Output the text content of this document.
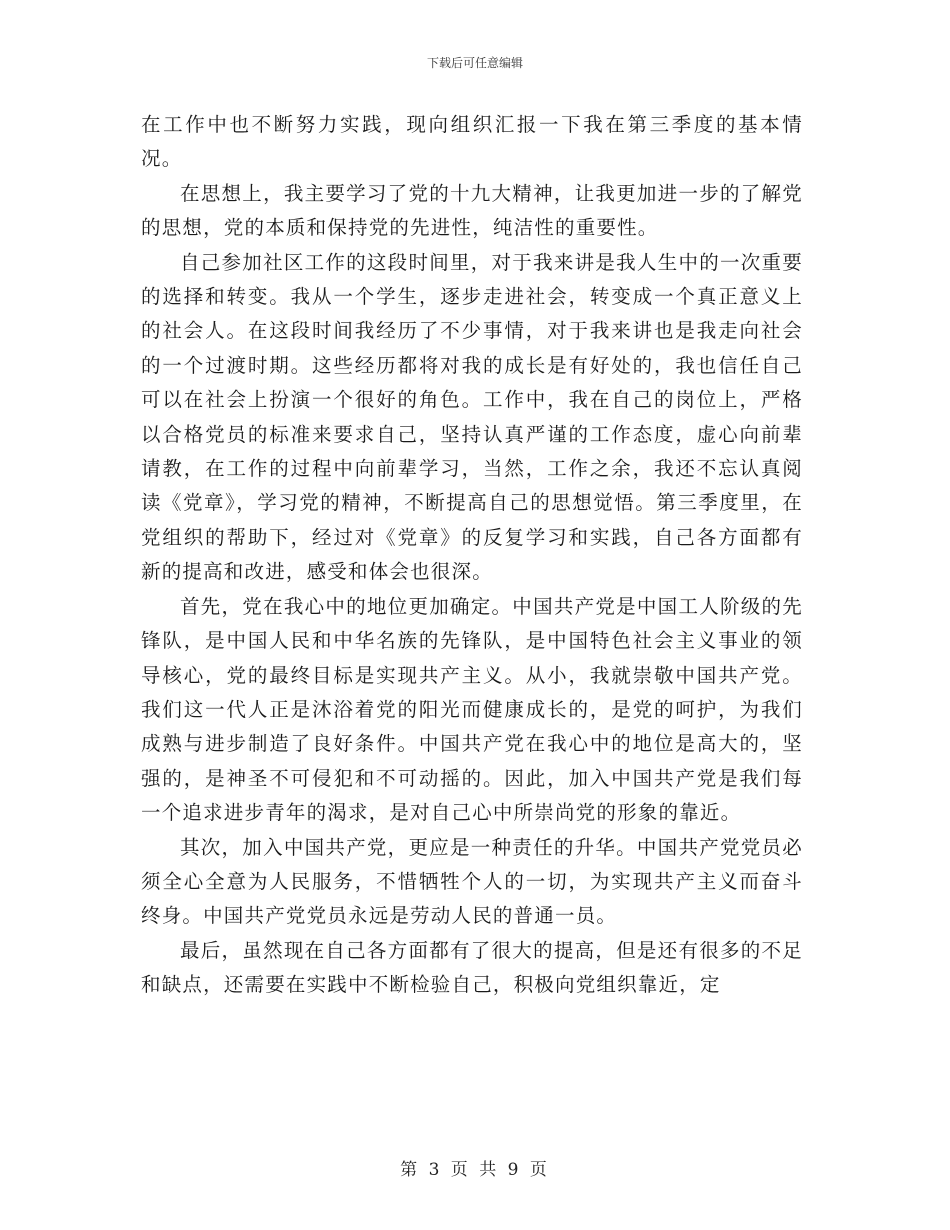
下载后可任意编辑

在工作中也不断努力实践，现向组织汇报一下我在第三季度的基本情况。

在思想上，我主要学习了党的十九大精神，让我更加进一步的了解党的思想，党的本质和保持党的先进性，纯洁性的重要性。

自己参加社区工作的这段时间里，对于我来讲是我人生中的一次重要的选择和转变。我从一个学生，逐步走进社会，转变成一个真正意义上的社会人。在这段时间我经历了不少事情，对于我来讲也是我走向社会的一个过渡时期。这些经历都将对我的成长是有好处的，我也信任自己可以在社会上扮演一个很好的角色。工作中，我在自己的岗位上，严格以合格党员的标准来要求自己，坚持认真严谨的工作态度，虚心向前辈请教，在工作的过程中向前辈学习，当然，工作之余，我还不忘认真阅读《党章》，学习党的精神，不断提高自己的思想觉悟。第三季度里，在党组织的帮助下，经过对《党章》的反复学习和实践，自己各方面都有新的提高和改进，感受和体会也很深。

首先，党在我心中的地位更加确定。中国共产党是中国工人阶级的先锋队，是中国人民和中华名族的先锋队，是中国特色社会主义事业的领导核心，党的最终目标是实现共产主义。从小，我就崇敬中国共产党。我们这一代人正是沐浴着党的阳光而健康成长的，是党的呵护，为我们成熟与进步制造了良好条件。中国共产党在我心中的地位是高大的，坚强的，是神圣不可侵犯和不可动摇的。因此，加入中国共产党是我们每一个追求进步青年的渴求，是对自己心中所崇尚党的形象的靠近。

其次，加入中国共产党，更应是一种责任的升华。中国共产党党员必须全心全意为人民服务，不惜牺牲个人的一切，为实现共产主义而奋斗终身。中国共产党党员永远是劳动人民的普通一员。

最后，虽然现在自己各方面都有了很大的提高，但是还有很多的不足和缺点，还需要在实践中不断检验自己，积极向党组织靠近，定

第 3 页 共 9 页
